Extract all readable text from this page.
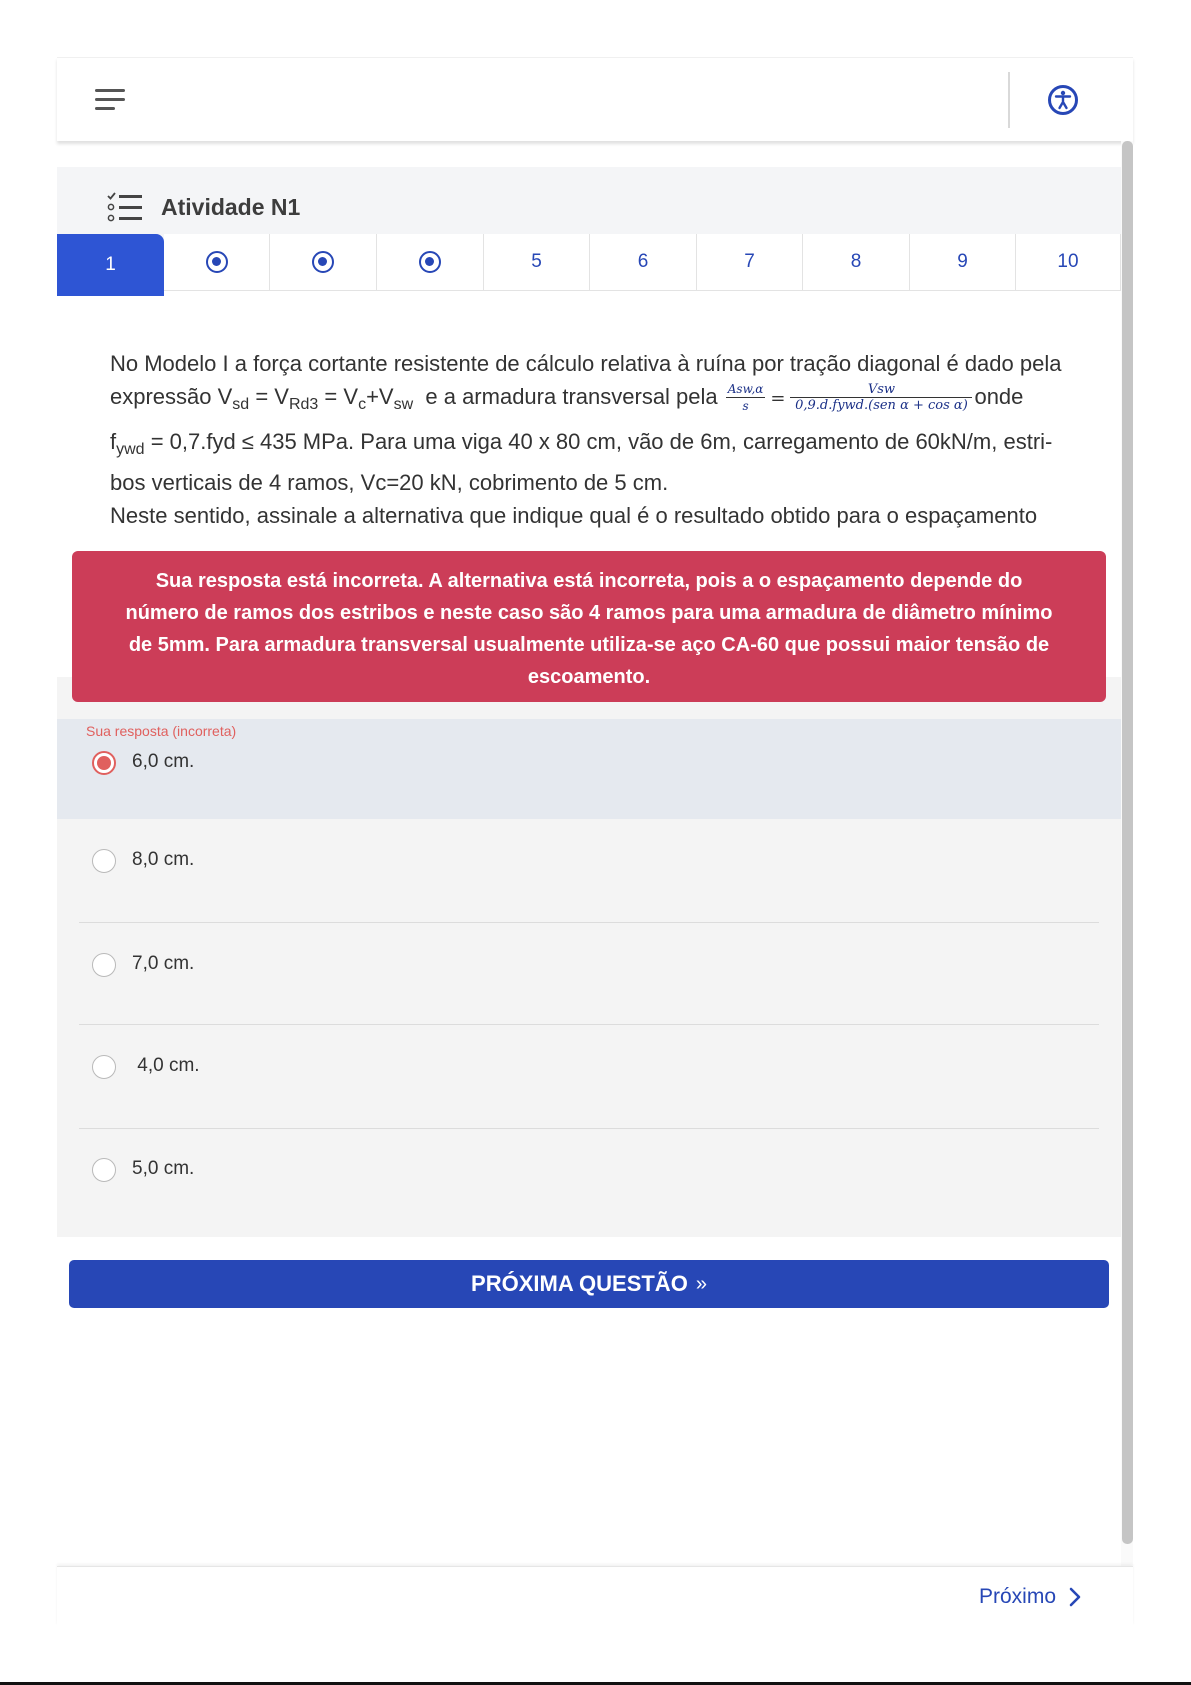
Atividade N1
1	5	6	7	8	9	10

No Modelo I a força cortante resistente de cálculo relativa à ruína por tração diagonal é dado pela

expressão $V_{sd} = V_{Rd3} = V_c+V_{sw}$  e a armadura transversal pela $\frac{\text{Asw,α}}{s} = \frac{\text{Vsw}}{\text{0,9.d.fywd.(sen α + cos α)}}$ onde

$f_{ywd} = 0,7.fyd \le 435$ MPa. Para uma viga 40 x 80 cm, vão de 6m, carregamento de 60kN/m, estri-

bos verticais de 4 ramos, Vc=20 kN, cobrimento de 5 cm.

Neste sentido, assinale a alternativa que indique qual é o resultado obtido para o espaçamento

Sua resposta (incorreta)
6,0 cm.
8,0 cm.
7,0 cm.
4,0 cm.
5,0 cm.
Sua resposta está incorreta. A alternativa está incorreta, pois a o espaçamento depende do número de ramos dos estribos e neste caso são 4 ramos para uma armadura de diâmetro mínimo de 5mm. Para armadura transversal usualmente utiliza-se aço CA-60 que possui maior tensão de escoamento.
PRÓXIMA QUESTÃO »
Próximo
